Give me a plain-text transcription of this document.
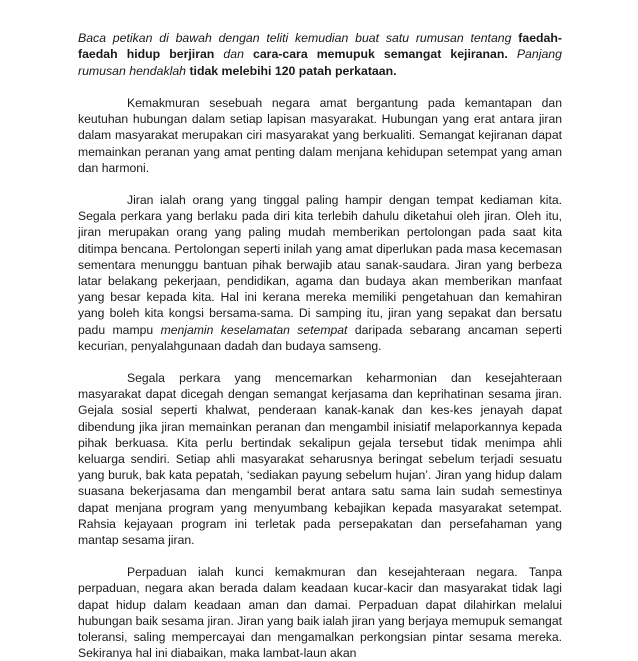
Baca petikan di bawah dengan teliti kemudian buat satu rumusan tentang faedah-faedah hidup berjiran dan cara-cara memupuk semangat kejiranan. Panjang rumusan hendaklah tidak melebihi 120 patah perkataan.

Kemakmuran sesebuah negara amat bergantung pada kemantapan dan keutuhan hubungan dalam setiap lapisan masyarakat. Hubungan yang erat antara jiran dalam masyarakat merupakan ciri masyarakat yang berkualiti. Semangat kejiranan dapat memainkan peranan yang amat penting dalam menjana kehidupan setempat yang aman dan harmoni.

Jiran ialah orang yang tinggal paling hampir dengan tempat kediaman kita. Segala perkara yang berlaku pada diri kita terlebih dahulu diketahui oleh jiran. Oleh itu, jiran merupakan orang yang paling mudah memberikan pertolongan pada saat kita ditimpa bencana. Pertolongan seperti inilah yang amat diperlukan pada masa kecemasan sementara menunggu bantuan pihak berwajib atau sanak-saudara. Jiran yang berbeza latar belakang pekerjaan, pendidikan, agama dan budaya akan memberikan manfaat yang besar kepada kita. Hal ini kerana mereka memiliki pengetahuan dan kemahiran yang boleh kita kongsi bersama-sama. Di samping itu, jiran yang sepakat dan bersatu padu mampu menjamin keselamatan setempat daripada sebarang ancaman seperti kecurian, penyalahgunaan dadah dan budaya samseng.

Segala perkara yang mencemarkan keharmonian dan kesejahteraan masyarakat dapat dicegah dengan semangat kerjasama dan keprihatinan sesama jiran. Gejala sosial seperti khalwat, penderaan kanak-kanak dan kes-kes jenayah dapat dibendung jika jiran memainkan peranan dan mengambil inisiatif melaporkannya kepada pihak berkuasa. Kita perlu bertindak sekalipun gejala tersebut tidak menimpa ahli keluarga sendiri. Setiap ahli masyarakat seharusnya beringat sebelum terjadi sesuatu yang buruk, bak kata pepatah, ‘sediakan payung sebelum hujan’. Jiran yang hidup dalam suasana bekerjasama dan mengambil berat antara satu sama lain sudah semestinya dapat menjana program yang menyumbang kebajikan kepada masyarakat setempat. Rahsia kejayaan program ini terletak pada persepakatan dan persefahaman yang mantap sesama jiran.

Perpaduan ialah kunci kemakmuran dan kesejahteraan negara. Tanpa perpaduan, negara akan berada dalam keadaan kucar-kacir dan masyarakat tidak lagi dapat hidup dalam keadaan aman dan damai. Perpaduan dapat dilahirkan melalui hubungan baik sesama jiran. Jiran yang baik ialah jiran yang berjaya memupuk semangat toleransi, saling mempercayai dan mengamalkan perkongsian pintar sesama mereka. Sekiranya hal ini diabaikan, maka lambat-laun akan
